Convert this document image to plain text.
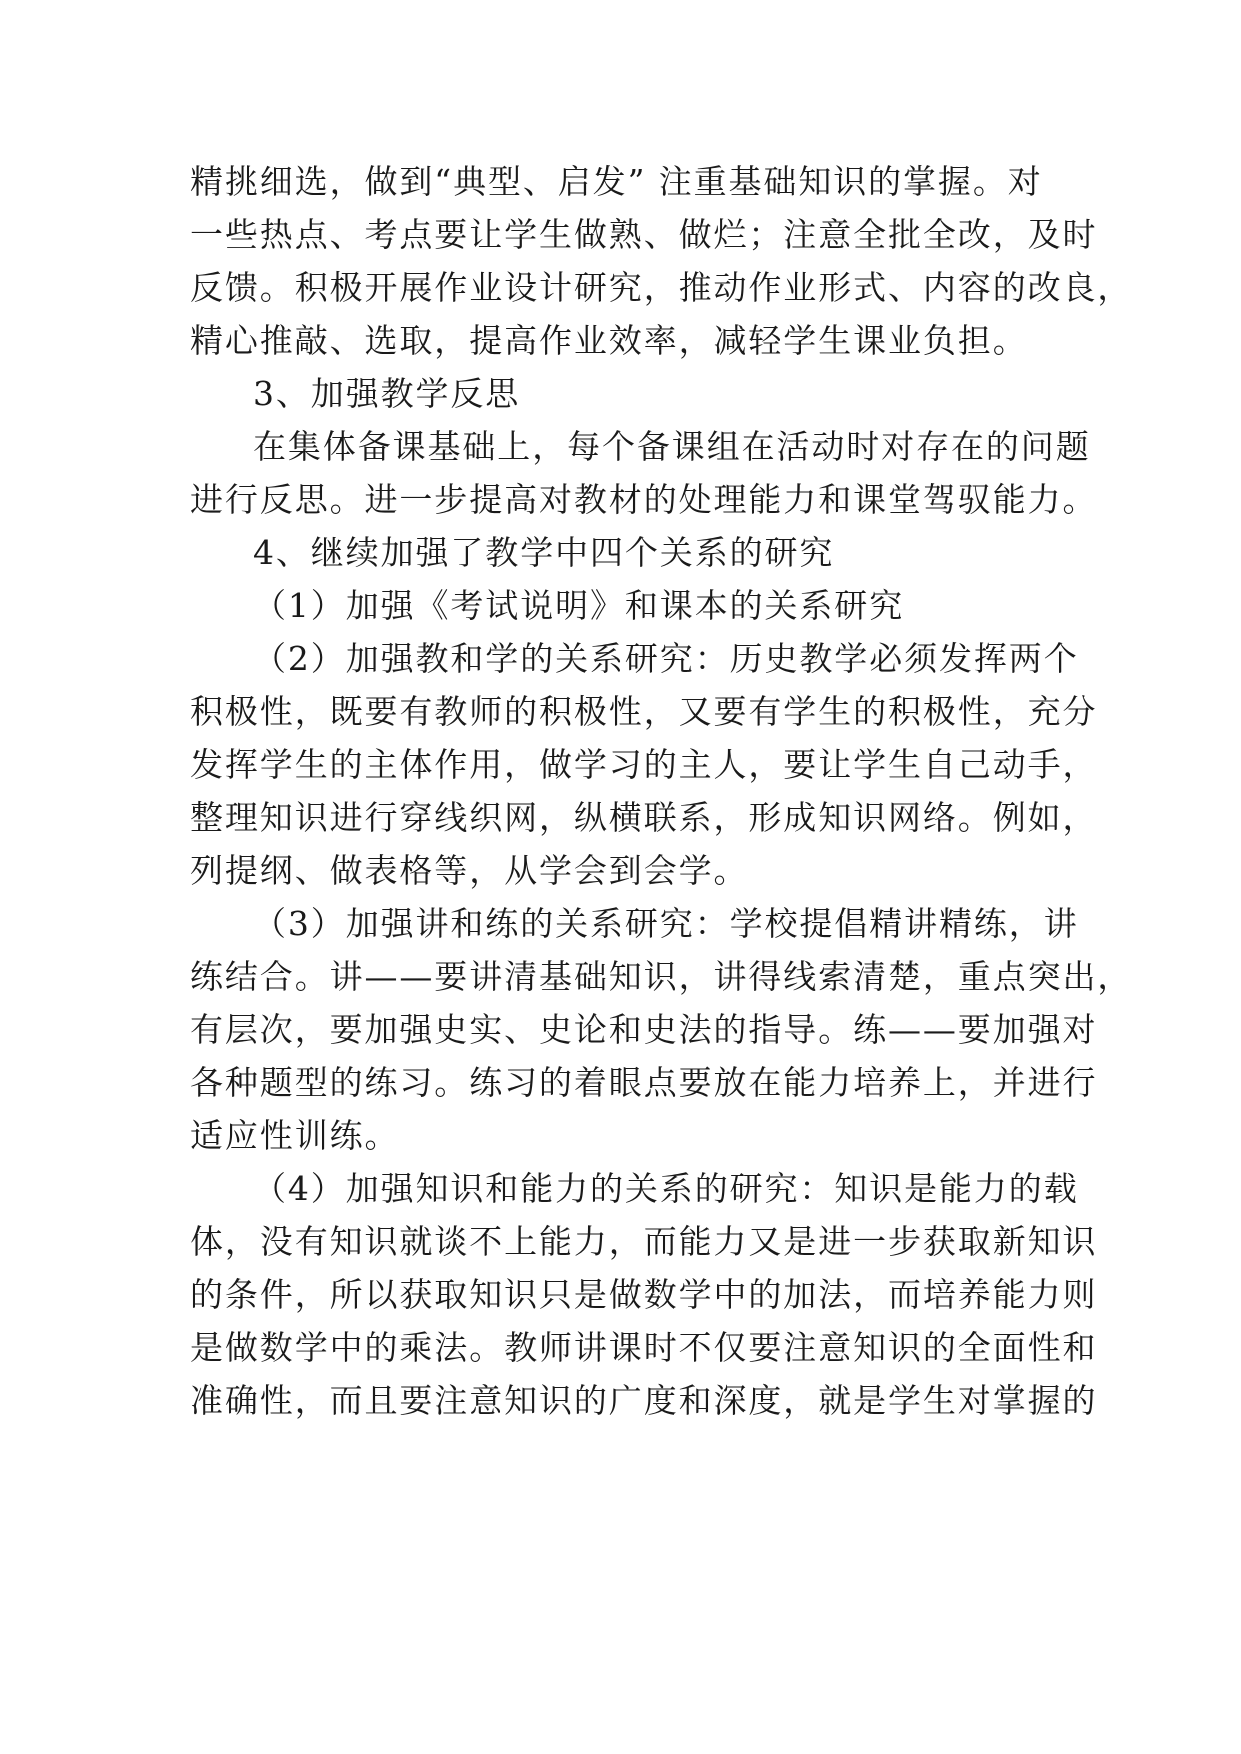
精挑细选，做到“典型、启发” 注重基础知识的掌握。对
一些热点、考点要让学生做熟、做烂；注意全批全改，及时
反馈。积极开展作业设计研究，推动作业形式、内容的改良，
精心推敲、选取，提高作业效率，减轻学生课业负担。
3、加强教学反思
在集体备课基础上，每个备课组在活动时对存在的问题
进行反思。进一步提高对教材的处理能力和课堂驾驭能力。
4、继续加强了教学中四个关系的研究
（1）加强《考试说明》和课本的关系研究
（2）加强教和学的关系研究：历史教学必须发挥两个
积极性，既要有教师的积极性，又要有学生的积极性，充分
发挥学生的主体作用，做学习的主人，要让学生自己动手，
整理知识进行穿线织网，纵横联系，形成知识网络。例如，
列提纲、做表格等，从学会到会学。
（3）加强讲和练的关系研究：学校提倡精讲精练，讲
练结合。讲——要讲清基础知识，讲得线索清楚，重点突出，
有层次，要加强史实、史论和史法的指导。练——要加强对
各种题型的练习。练习的着眼点要放在能力培养上，并进行
适应性训练。
（4）加强知识和能力的关系的研究：知识是能力的载
体，没有知识就谈不上能力，而能力又是进一步获取新知识
的条件，所以获取知识只是做数学中的加法，而培养能力则
是做数学中的乘法。教师讲课时不仅要注意知识的全面性和
准确性，而且要注意知识的广度和深度，就是学生对掌握的
